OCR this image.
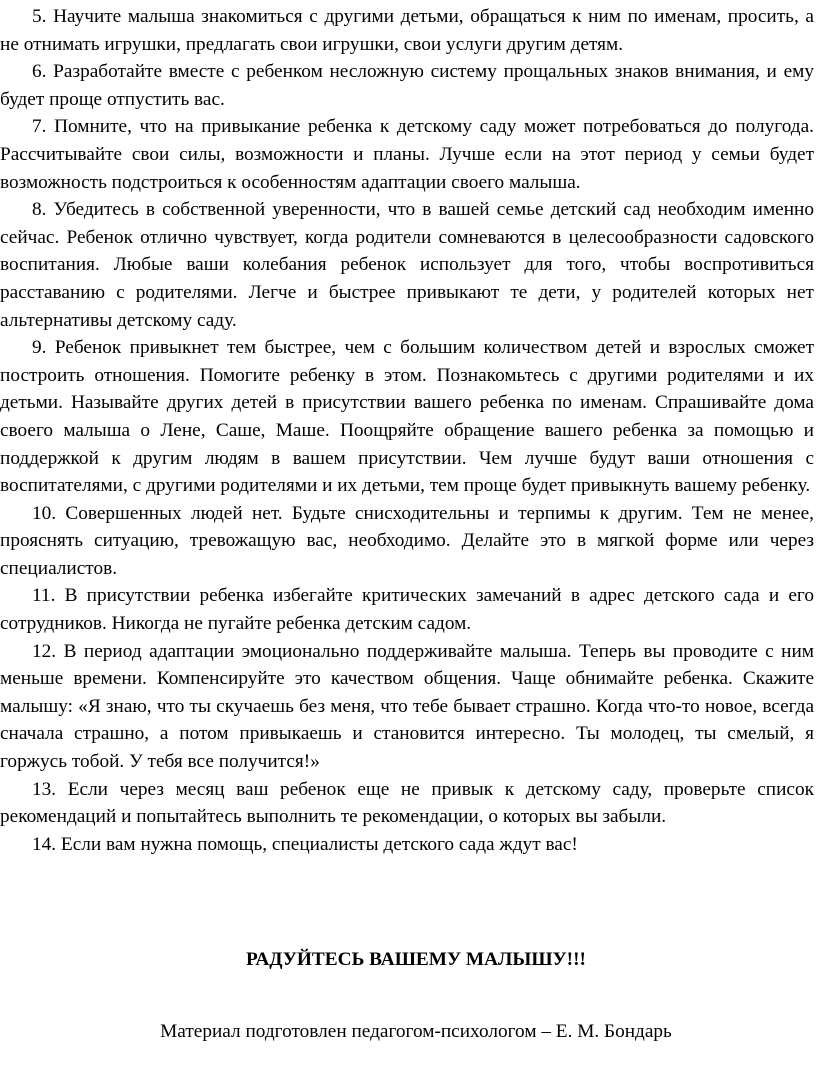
5. Научите малыша знакомиться с другими детьми, обращаться к ним по именам, просить, а не отнимать игрушки, предлагать свои игрушки, свои услуги другим детям.

6. Разработайте вместе с ребенком несложную систему прощальных знаков внимания, и ему будет проще отпустить вас.

7. Помните, что на привыкание ребенка к детскому саду может потребоваться до полугода. Рассчитывайте свои силы, возможности и планы. Лучше если на этот период у семьи будет возможность подстроиться к особенностям адаптации своего малыша.

8. Убедитесь в собственной уверенности, что в вашей семье детский сад необходим именно сейчас. Ребенок отлично чувствует, когда родители сомневаются в целесообразности садовского воспитания. Любые ваши колебания ребенок использует для того, чтобы воспротивиться расставанию с родителями. Легче и быстрее привыкают те дети, у родителей которых нет альтернативы детскому саду.

9. Ребенок привыкнет тем быстрее, чем с большим количеством детей и взрослых сможет построить отношения. Помогите ребенку в этом. Познакомьтесь с другими родителями и их детьми. Называйте других детей в присутствии вашего ребенка по именам. Спрашивайте дома своего малыша о Лене, Саше, Маше. Поощряйте обращение вашего ребенка за помощью и поддержкой к другим людям в вашем присутствии. Чем лучше будут ваши отношения с воспитателями, с другими родителями и их детьми, тем проще будет привыкнуть вашему ребенку.

10. Совершенных людей нет. Будьте снисходительны и терпимы к другим. Тем не менее, прояснять ситуацию, тревожащую вас, необходимо. Делайте это в мягкой форме или через специалистов.

11. В присутствии ребенка избегайте критических замечаний в адрес детского сада и его сотрудников. Никогда не пугайте ребенка детским садом.

12. В период адаптации эмоционально поддерживайте малыша. Теперь вы проводите с ним меньше времени. Компенсируйте это качеством общения. Чаще обнимайте ребенка. Скажите малышу: «Я знаю, что ты скучаешь без меня, что тебе бывает страшно. Когда что-то новое, всегда сначала страшно, а потом привыкаешь и становится интересно. Ты молодец, ты смелый, я горжусь тобой. У тебя все получится!»

13. Если через месяц ваш ребенок еще не привык к детскому саду, проверьте список рекомендаций и попытайтесь выполнить те рекомендации, о которых вы забыли.

14. Если вам нужна помощь, специалисты детского сада ждут вас!

РАДУЙТЕСЬ ВАШЕМУ МАЛЫШУ!!!

Материал подготовлен педагогом-психологом – Е. М. Бондарь
